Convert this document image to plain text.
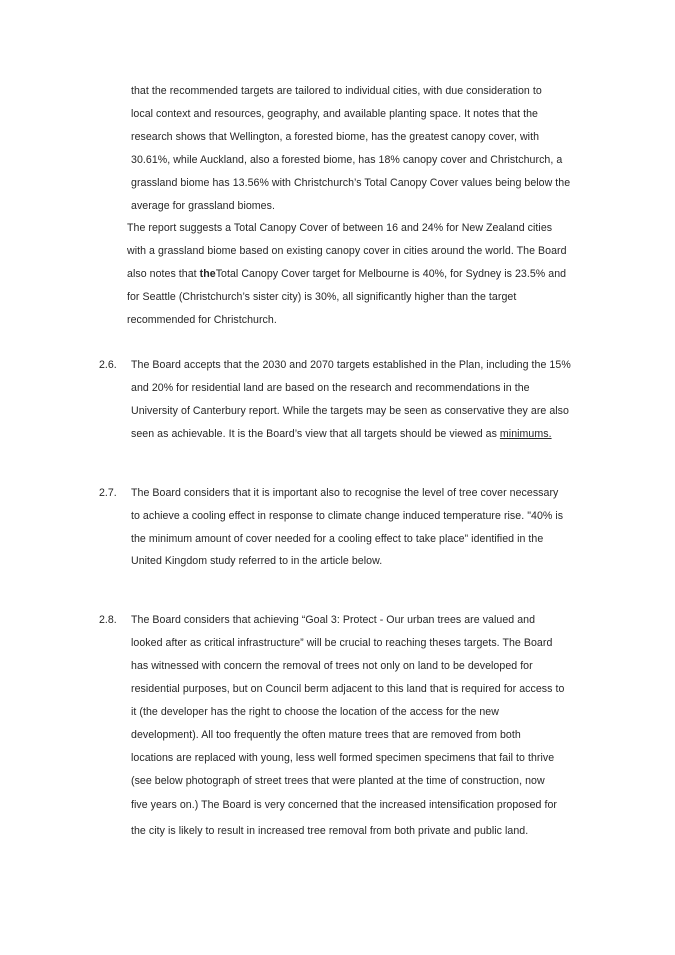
that the recommended targets are tailored to individual cities, with due consideration to
local context and resources, geography, and available planting space. It notes that the
research shows that Wellington, a forested biome, has the greatest canopy cover, with
30.61%, while Auckland, also a forested biome, has 18% canopy cover and Christchurch, a
grassland biome has 13.56% with Christchurch’s Total Canopy Cover values being below the
average for grassland biomes.
The report suggests a Total Canopy Cover of between 16 and 24% for New Zealand cities
with a grassland biome based on existing canopy cover in cities around the world. The Board
also notes that theTotal Canopy Cover target for Melbourne is 40%, for Sydney is 23.5% and
for Seattle (Christchurch’s sister city) is 30%, all significantly higher than the target
recommended for Christchurch.
2.6. The Board accepts that the 2030 and 2070 targets established in the Plan, including the 15%
and 20% for residential land are based on the research and recommendations in the
University of Canterbury report. While the targets may be seen as conservative they are also
seen as achievable. It is the Board’s view that all targets should be viewed as minimums.
2.7. The Board considers that it is important also to recognise the level of tree cover necessary
to achieve a cooling effect in response to climate change induced temperature rise. "40% is
the minimum amount of cover needed for a cooling effect to take place” identified in the
United Kingdom study referred to in the article below.
2.8. The Board considers that achieving “Goal 3: Protect - Our urban trees are valued and
looked after as critical infrastructure” will be crucial to reaching theses targets. The Board
has witnessed with concern the removal of trees not only on land to be developed for
residential purposes, but on Council berm adjacent to this land that is required for access to
it (the developer has the right to choose the location of the access for the new
development). All too frequently the often mature trees that are removed from both
locations are replaced with young, less well formed specimen specimens that fail to thrive
(see below photograph of street trees that were planted at the time of construction, now
five years on.) The Board is very concerned that the increased intensification proposed for
the city is likely to result in increased tree removal from both private and public land.
